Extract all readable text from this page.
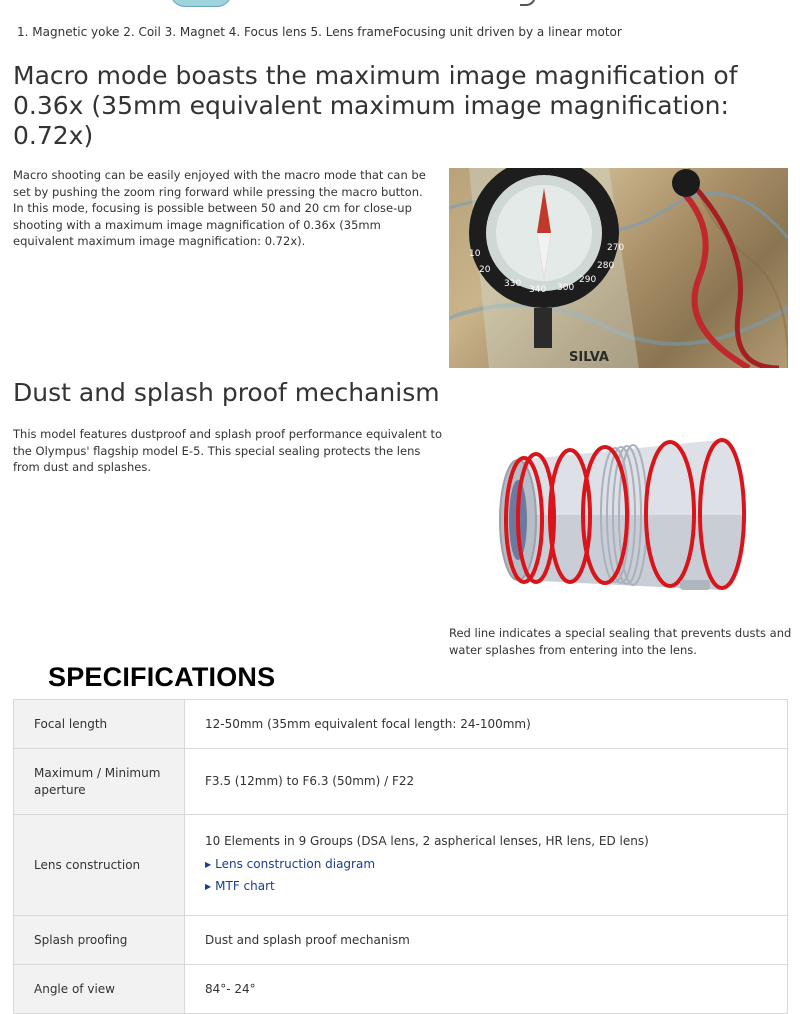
1. Magnetic yoke 2. Coil 3. Magnet 4. Focus lens 5. Lens frameFocusing unit driven by a linear motor
Macro mode boasts the maximum image magnification of 0.36x (35mm equivalent maximum image magnification: 0.72x)

Macro shooting can be easily enjoyed with the macro mode that can be set by pushing the zoom ring forward while pressing the macro button. In this mode, focusing is possible between 50 and 20 cm for close-up shooting with a maximum image magnification of 0.36x (35mm equivalent maximum image magnification: 0.72x).

10
20
330
340 300
290
280
270
SILVA
Dust and splash proof mechanism

This model features dustproof and splash proof performance equivalent to the Olympus' flagship model E-5. This special sealing protects the lens from dust and splashes.

Red line indicates a special sealing that prevents dusts and water splashes from entering into the lens.

SPECIFICATIONS
Focal length	12-50mm (35mm equivalent focal length: 24-100mm)
Maximum / Minimum aperture	F3.5 (12mm) to F6.3 (50mm) / F22
Lens construction	10 Elements in 9 Groups (DSA lens, 2 aspherical lenses, HR lens, ED lens)
▶ Lens construction diagram
▶ MTF chart

Splash proofing	Dust and splash proof mechanism
Angle of view	84°- 24°
